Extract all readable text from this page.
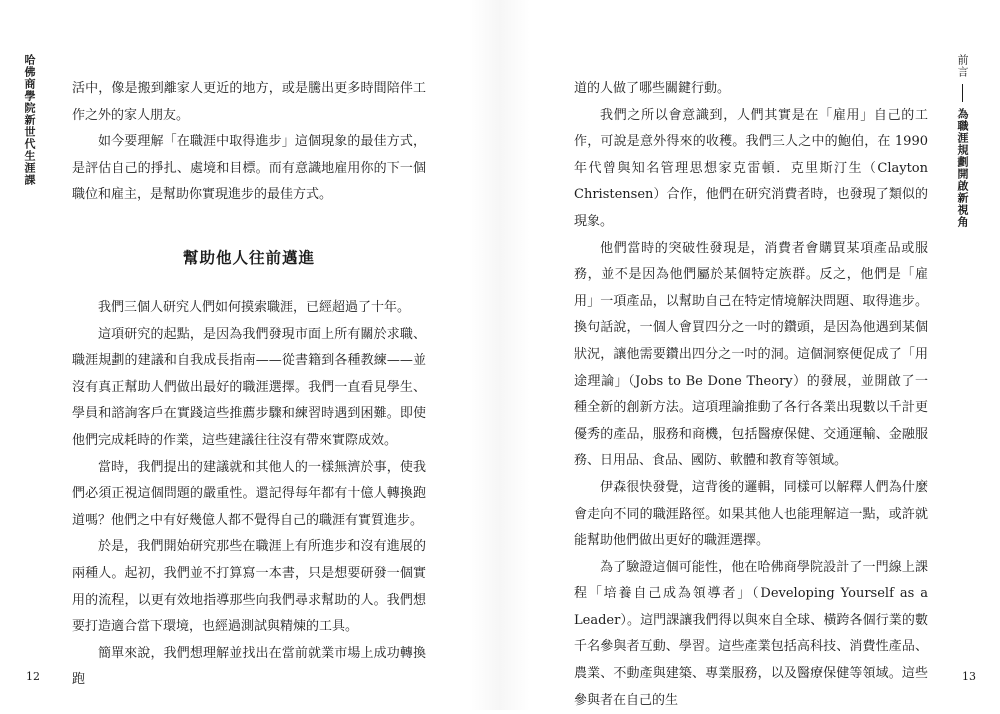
哈佛商學院新世代生涯課	活中，像是搬到離家人更近的地方，或是騰出更多時間陪伴工作之外的家人朋友。

如今要理解「在職涯中取得進步」這個現象的最佳方式，是評估自己的掙扎、處境和目標。而有意識地雇用你的下一個職位和雇主，是幫助你實現進步的最佳方式。

幫助他人往前邁進

我們三個人研究人們如何摸索職涯，已經超過了十年。

這項研究的起點，是因為我們發現市面上所有關於求職、職涯規劃的建議和自我成長指南——從書籍到各種教練——並沒有真正幫助人們做出最好的職涯選擇。我們一直看見學生、學員和諮詢客戶在實踐這些推薦步驟和練習時遇到困難。即使他們完成耗時的作業，這些建議往往沒有帶來實際成效。

當時，我們提出的建議就和其他人的一樣無濟於事，使我們必須正視這個問題的嚴重性。還記得每年都有十億人轉換跑道嗎？他們之中有好幾億人都不覺得自己的職涯有實質進步。

於是，我們開始研究那些在職涯上有所進步和沒有進展的兩種人。起初，我們並不打算寫一本書，只是想要研發一個實用的流程，以更有效地指導那些向我們尋求幫助的人。我們想要打造適合當下環境，也經過測試與精煉的工具。

簡單來說，我們想理解並找出在當前就業市場上成功轉換跑

12
前言為職涯規劃開啟新視角

道的人做了哪些關鍵行動。

我們之所以會意識到，人們其實是在「雇用」自己的工作，可說是意外得來的收穫。我們三人之中的鮑伯，在 1990 年代曾與知名管理思想家克雷頓．克里斯汀生（Clayton Christensen）合作，他們在研究消費者時，也發現了類似的現象。

他們當時的突破性發現是，消費者會購買某項產品或服務，並不是因為他們屬於某個特定族群。反之，他們是「雇用」一項產品，以幫助自己在特定情境解決問題、取得進步。換句話說，一個人會買四分之一吋的鑽頭，是因為他遇到某個狀況，讓他需要鑽出四分之一吋的洞。這個洞察便促成了「用途理論」（Jobs to Be Done Theory）的發展，並開啟了一種全新的創新方法。這項理論推動了各行各業出現數以千計更優秀的產品，服務和商機，包括醫療保健、交通運輸、金融服務、日用品、食品、國防、軟體和教育等領域。

伊森很快發覺，這背後的邏輯，同樣可以解釋人們為什麼會走向不同的職涯路徑。如果其他人也能理解這一點，或許就能幫助他們做出更好的職涯選擇。

為了驗證這個可能性，他在哈佛商學院設計了一門線上課程「培養自己成為領導者」（Developing Yourself as a Leader）。這門課讓我們得以與來自全球、橫跨各個行業的數千名參與者互動、學習。這些產業包括高科技、消費性產品、農業、不動產與建築、專業服務，以及醫療保健等領域。這些參與者在自己的生

13
